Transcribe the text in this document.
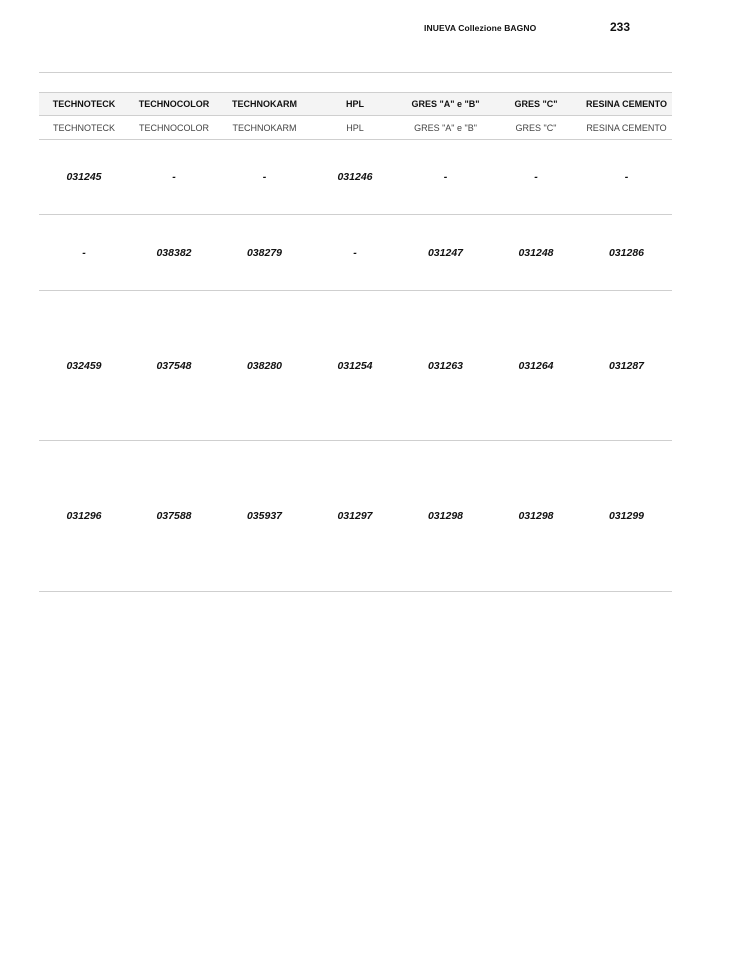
INUEVA Collezione BAGNO	233
TECHNOTECK	TECHNOCOLOR	TECHNOKARM	HPL	GRES "A" e "B"	GRES "C"	RESINA CEMENTO
TECHNOTECK	TECHNOCOLOR	TECHNOKARM	HPL	GRES "A" e "B"	GRES "C"	RESINA CEMENTO
031245	-	-	031246	-	-	-
-	038382	038279	-	031247	031248	031286
032459	037548	038280	031254	031263	031264	031287
031296	037588	035937	031297	031298	031298	031299
